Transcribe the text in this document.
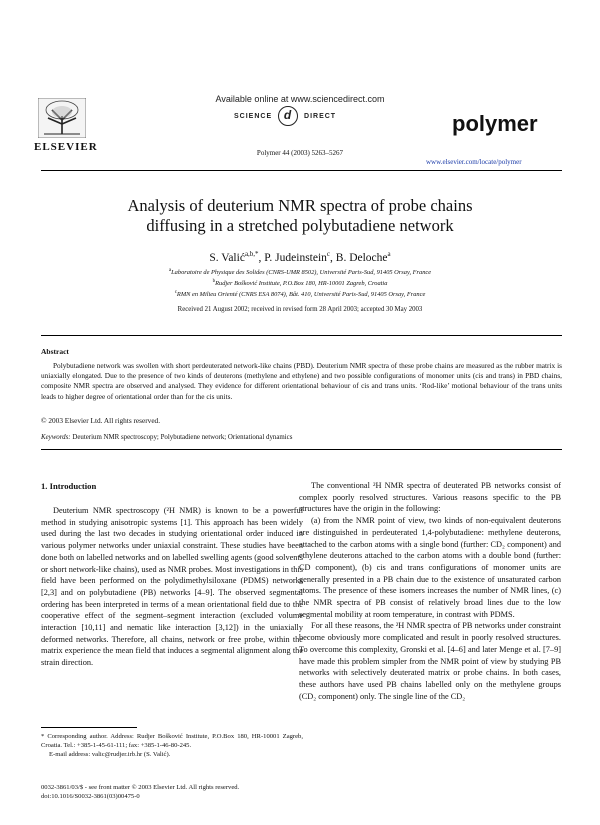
Available online at www.sciencedirect.com
SCIENCE d DIRECT
ELSEVIER	Polymer 44 (2003) 5263–5267
polymer
www.elsevier.com/locate/polymer
Analysis of deuterium NMR spectra of probe chains
diffusing in a stretched polybutadiene network
S. Valić$^{a,b,*}$, P. Judeinstein$^c$, B. Deloche$^a$
$^a$Laboratoire de Physique des Solides (CNRS-UMR 8502), Université Paris-Sud, 91405 Orsay, France
$^b$Rudjer Bošković Institute, P.O.Box 180, HR-10001 Zagreb, Croatia
$^c$RMN en Milieu Orienté (CNRS ESA 8074), Bât. 410, Université Paris-Sud, 91405 Orsay, France
Received 21 August 2002; received in revised form 28 April 2003; accepted 30 May 2003
Abstract
Polybutadiene network was swollen with short perdeuterated network-like chains (PBD). Deuterium NMR spectra of these probe chains are measured as the rubber matrix is uniaxially elongated. Due to the presence of two kinds of deuterons (methylene and ethylene) and two possible configurations of monomer units (cis and trans) in PBD chains, composite NMR spectra are observed and analysed. They evidence for different orientational behaviour of cis and trans units. ‘Rod-like’ motional behaviour of the trans units leads to higher degree of orientational order than for the cis units.
© 2003 Elsevier Ltd. All rights reserved.
Keywords: Deuterium NMR spectroscopy; Polybutadiene network; Orientational dynamics
1. Introduction

Deuterium NMR spectroscopy (²H NMR) is known to be a powerful method in studying anisotropic systems [1]. This approach has been widely used during the last two decades in studying orientational order induced in various polymer networks under uniaxial constraint. These studies have been done both on labelled networks and on labelled swelling agents (good solvents or short network-like chains), used as NMR probes. Most investigations in this field have been performed on the polydimethylsiloxane (PDMS) networks [2,3] and on polybutadiene (PB) networks [4–9]. The observed segmental ordering has been interpreted in terms of a mean orientational field due to the cooperative effect of the segment–segment interaction (excluded volume interaction [10,11] and nematic like interaction [3,12]) in the uniaxially deformed networks. Therefore, all chains, network or free probe, within the matrix experience the mean field that induces a segmental alignment along the strain direction.

The conventional ²H NMR spectra of deuterated PB networks consist of complex poorly resolved structures. Various reasons specific to the PB structures have the origin in the following:

(a) from the NMR point of view, two kinds of non-equivalent deuterons are distinguished in perdeuterated 1,4-polybutadiene: methylene deuterons, attached to the carbon atoms with a single bond (further: CD₂ component) and ethylene deuterons attached to the carbon atoms with a double bond (further: CD component), (b) cis and trans configurations of monomer units are generally presented in a PB chain due to the existence of unsaturated carbon atoms. The presence of these isomers increases the number of NMR lines, (c) the NMR spectra of PB consist of relatively broad lines due to the low segmental mobility at room temperature, in contrast with PDMS.

For all these reasons, the ²H NMR spectra of PB networks under constraint become obviously more complicated and result in poorly resolved structures. To overcome this complexity, Gronski et al. [4–6] and later Menge et al. [7–9] have made this problem simpler from the NMR point of view by studying PB networks with selectively deuterated matrix or probe chains. In both cases, these authors have used PB chains labelled only on the methylene groups (CD₂ component) only. The single line of the CD₂

* Corresponding author. Address: Rudjer Bošković Institute, P.O.Box 180, HR-10001 Zagreb, Croatia. Tel.: +385-1-45-61-111; fax: +385-1-46-80-245.
E-mail address: valic@rudjer.irb.hr (S. Valić).
0032-3861/03/$ - see front matter © 2003 Elsevier Ltd. All rights reserved.
doi:10.1016/S0032-3861(03)00475-0
